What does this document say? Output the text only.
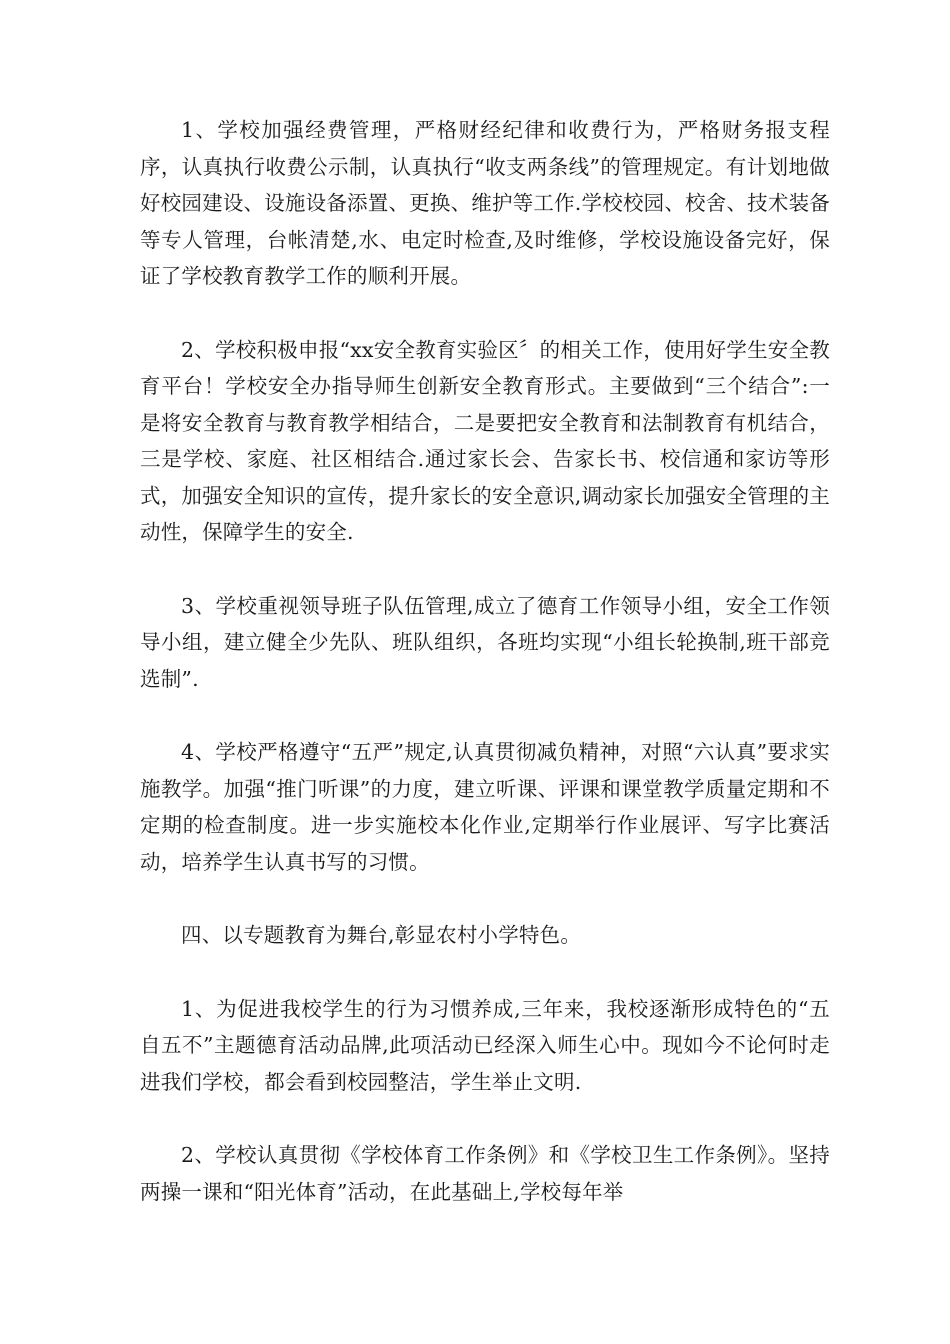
1、学校加强经费管理，严格财经纪律和收费行为，严格财务报支程序，认真执行收费公示制，认真执行“收支两条线”的管理规定。有计划地做好校园建设、设施设备添置、更换、维护等工作.学校校园、校舍、技术装备等专人管理，台帐清楚,水、电定时检查,及时维修，学校设施设备完好，保证了学校教育教学工作的顺利开展。

2、学校积极申报“xx安全教育实验区〞的相关工作，使用好学生安全教育平台！学校安全办指导师生创新安全教育形式。主要做到“三个结合”:一是将安全教育与教育教学相结合，二是要把安全教育和法制教育有机结合，三是学校、家庭、社区相结合.通过家长会、告家长书、校信通和家访等形式，加强安全知识的宣传，提升家长的安全意识,调动家长加强安全管理的主动性，保障学生的安全.

3、学校重视领导班子队伍管理,成立了德育工作领导小组，安全工作领导小组，建立健全少先队、班队组织，各班均实现“小组长轮换制,班干部竞选制”.

4、学校严格遵守“五严”规定,认真贯彻减负精神，对照“六认真”要求实施教学。加强“推门听课”的力度，建立听课、评课和课堂教学质量定期和不定期的检查制度。进一步实施校本化作业,定期举行作业展评、写字比赛活动，培养学生认真书写的习惯。

四、以专题教育为舞台,彰显农村小学特色。

1、为促进我校学生的行为习惯养成,三年来，我校逐渐形成特色的“五自五不”主题德育活动品牌,此项活动已经深入师生心中。现如今不论何时走进我们学校，都会看到校园整洁，学生举止文明.

2、学校认真贯彻《学校体育工作条例》和《学校卫生工作条例》。坚持两操一课和“阳光体育”活动，在此基础上,学校每年举
